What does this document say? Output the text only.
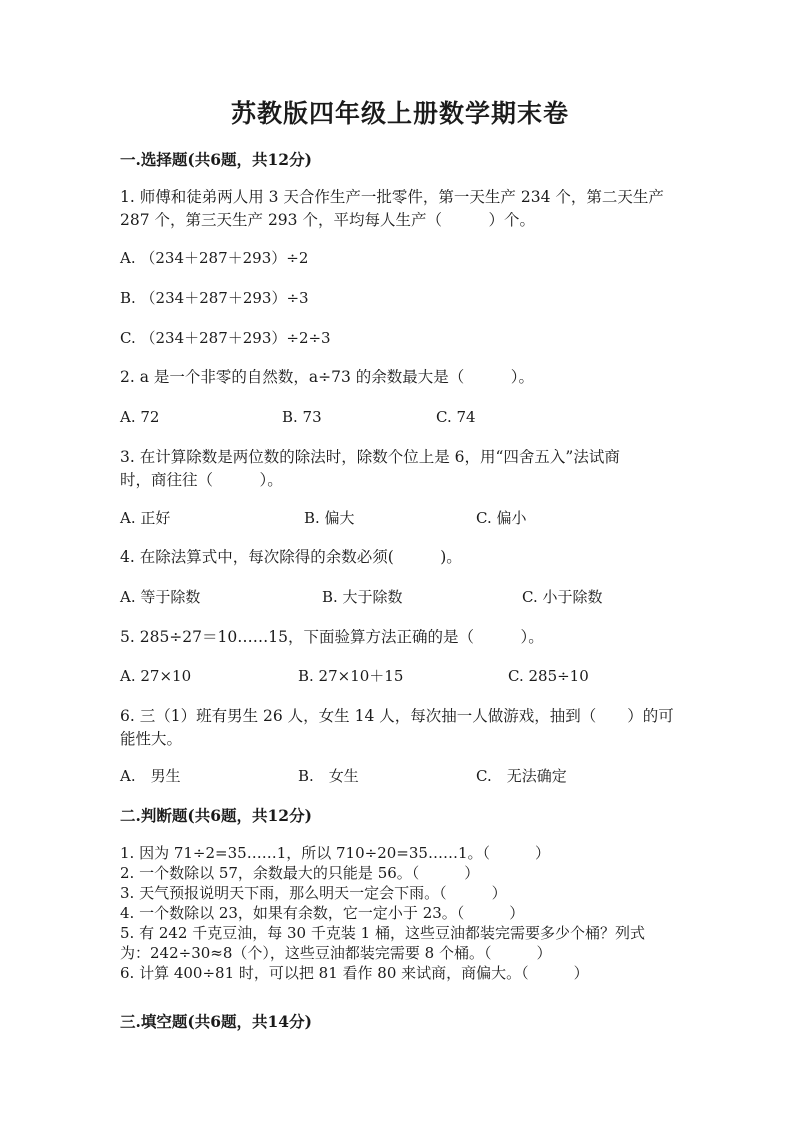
苏教版四年级上册数学期末卷
一.选择题(共6题，共12分)
1. 师傅和徒弟两人用 3 天合作生产一批零件，第一天生产 234 个，第二天生产
287 个，第三天生产 293 个，平均每人生产（　　　）个。
A. （234＋287＋293）÷2
B. （234＋287＋293）÷3
C. （234＋287＋293）÷2÷3
2. a 是一个非零的自然数，a÷73 的余数最大是（　　　）。
A. 72	B. 73	C. 74
3. 在计算除数是两位数的除法时，除数个位上是 6，用“四舍五入”法试商
时，商往往（　　　）。
A. 正好	B. 偏大	C. 偏小
4. 在除法算式中，每次除得的余数必须(　　　)。
A. 等于除数	B. 大于除数	C. 小于除数
5. 285÷27＝10……15，下面验算方法正确的是（　　　）。
A. 27×10	B. 27×10＋15	C. 285÷10
6. 三（1）班有男生 26 人，女生 14 人，每次抽一人做游戏，抽到（　　）的可
能性大。
A.　男生	B.　女生	C.　无法确定
二.判断题(共6题，共12分)
1. 因为 71÷2=35……1，所以 710÷20=35……1。（　　　）
2. 一个数除以 57，余数最大的只能是 56。（　　　）
3. 天气预报说明天下雨，那么明天一定会下雨。（　　　）
4. 一个数除以 23，如果有余数，它一定小于 23。（　　　）
5. 有 242 千克豆油，每 30 千克装 1 桶，这些豆油都装完需要多少个桶？列式
为：242÷30≈8（个），这些豆油都装完需要 8 个桶。（　　　）
6. 计算 400÷81 时，可以把 81 看作 80 来试商，商偏大。（　　　）
三.填空题(共6题，共14分)
